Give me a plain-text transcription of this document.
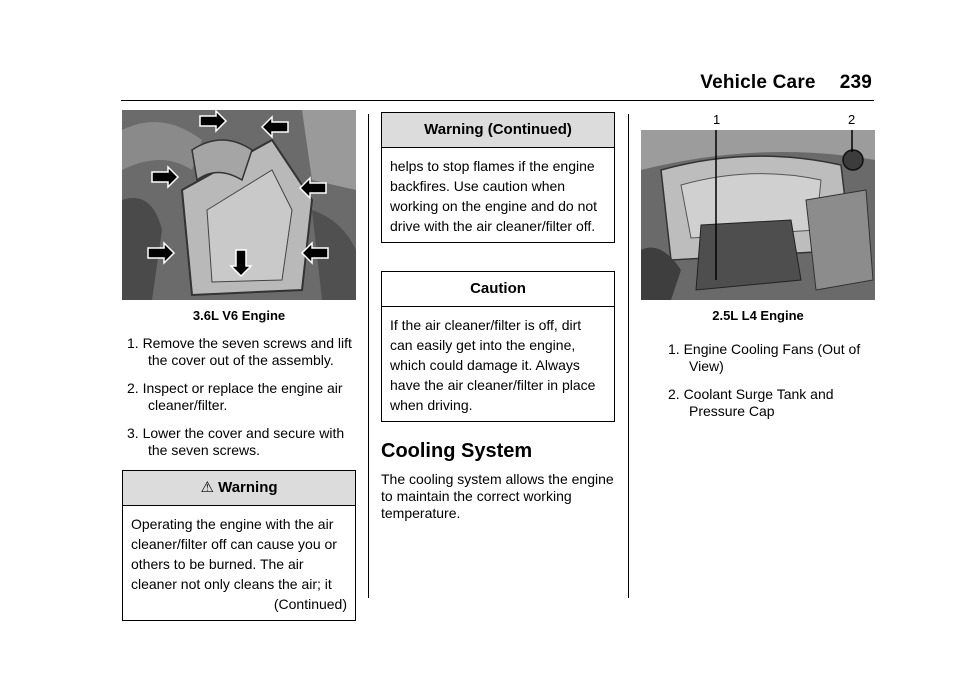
Vehicle Care 239
3.6L V6 Engine
1. Remove the seven screws and lift the cover out of the assembly.
2. Inspect or replace the engine air cleaner/filter.
3. Lower the cover and secure with the seven screws.
⚠︎ Warning
Operating the engine with the air cleaner/filter off can cause you or others to be burned. The air cleaner not only cleans the air; it
(Continued)
Warning (Continued)
helps to stop flames if the engine backfires. Use caution when working on the engine and do not drive with the air cleaner/filter off.
Caution
If the air cleaner/filter is off, dirt can easily get into the engine, which could damage it. Always have the air cleaner/filter in place when driving.
Cooling System
The cooling system allows the engine to maintain the correct working temperature.
1	2
2.5L L4 Engine
1. Engine Cooling Fans (Out of View)
2. Coolant Surge Tank and Pressure Cap
